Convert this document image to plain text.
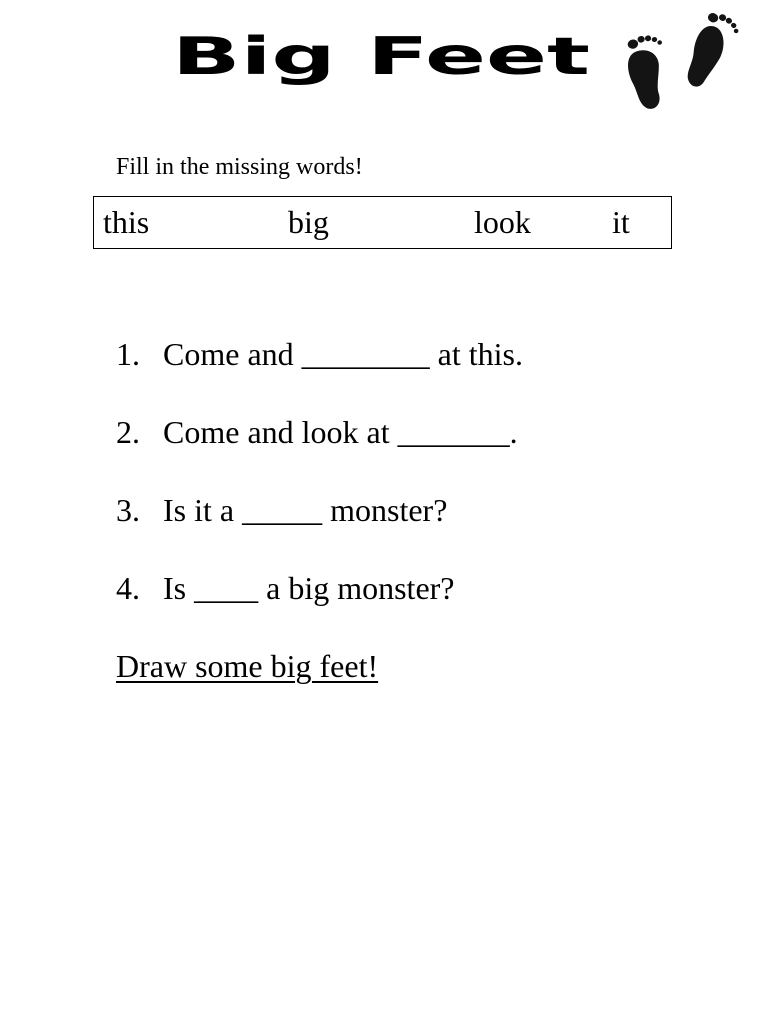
Big Feet
Fill in the missing words!
this	big	look	it
1. Come and ________ at this.
2. Come and look at _______.
3. Is it a _____ monster?
4. Is ____ a big monster?
Draw some big feet!
